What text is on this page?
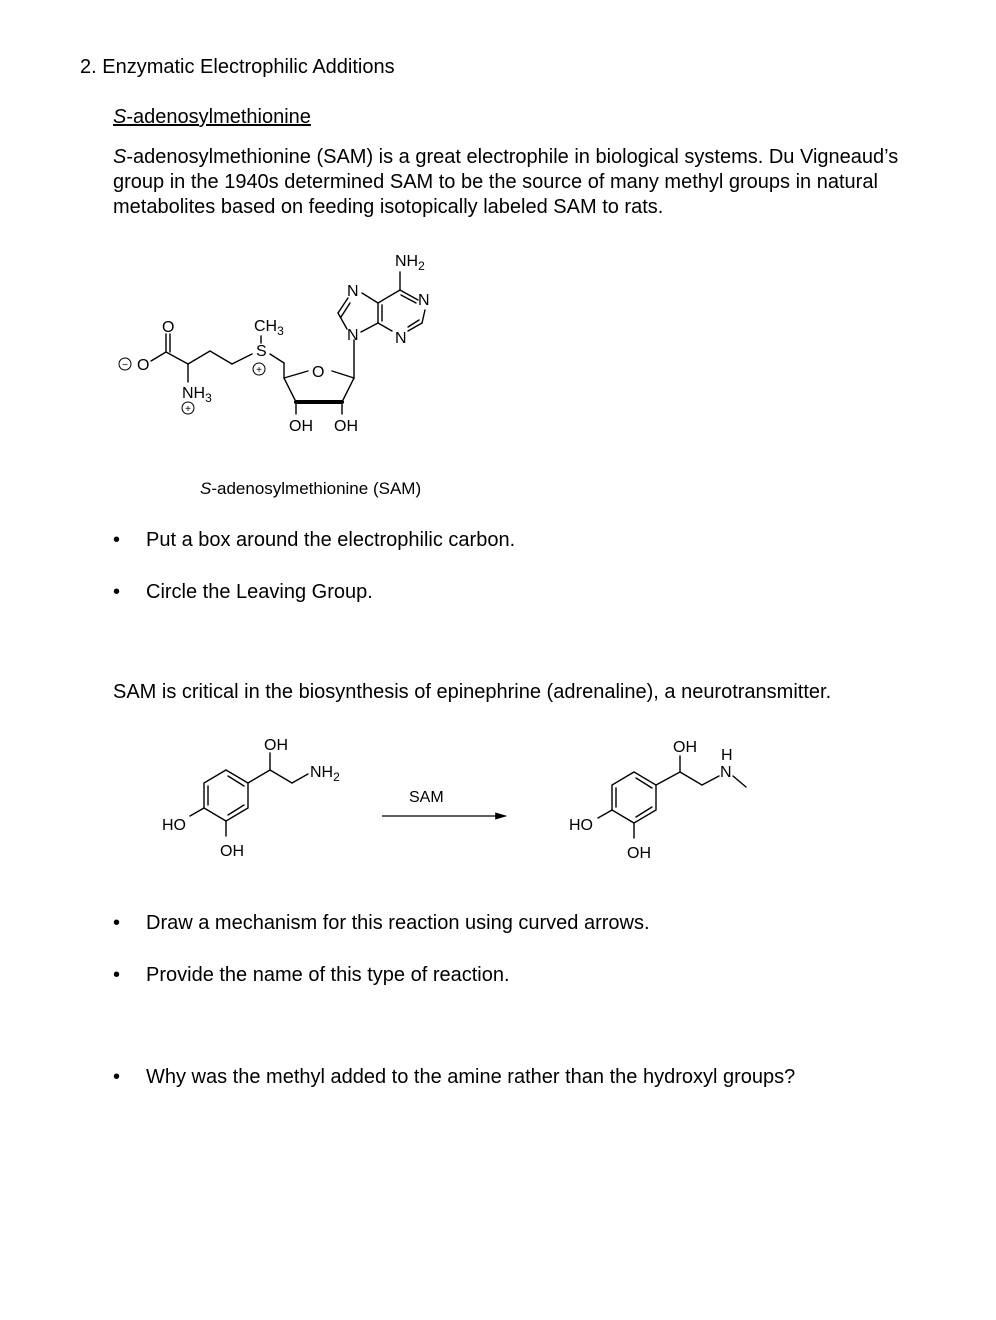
2. Enzymatic Electrophilic Additions
S-adenosylmethionine

S-adenosylmethionine (SAM) is a great electrophile in biological systems. Du Vigneaud’s group in the 1940s determined SAM to be the source of many methyl groups in natural metabolites based on feeding isotopically labeled SAM to rats.

−
+
+
O
O
$NH_3$
$CH_3$
S
O
OH OH
N
N
N
N
$NH_2$
S-adenosylmethionine (SAM)
•	Put a box around the electrophilic carbon.
•	Circle the Leaving Group.
SAM is critical in the biosynthesis of epinephrine (adrenaline), a neurotransmitter.
OH
$NH_2$
HO
OH
SAM
OH H
N
HO
OH
•	Draw a mechanism for this reaction using curved arrows.
•	Provide the name of this type of reaction.
•	Why was the methyl added to the amine rather than the hydroxyl groups?
